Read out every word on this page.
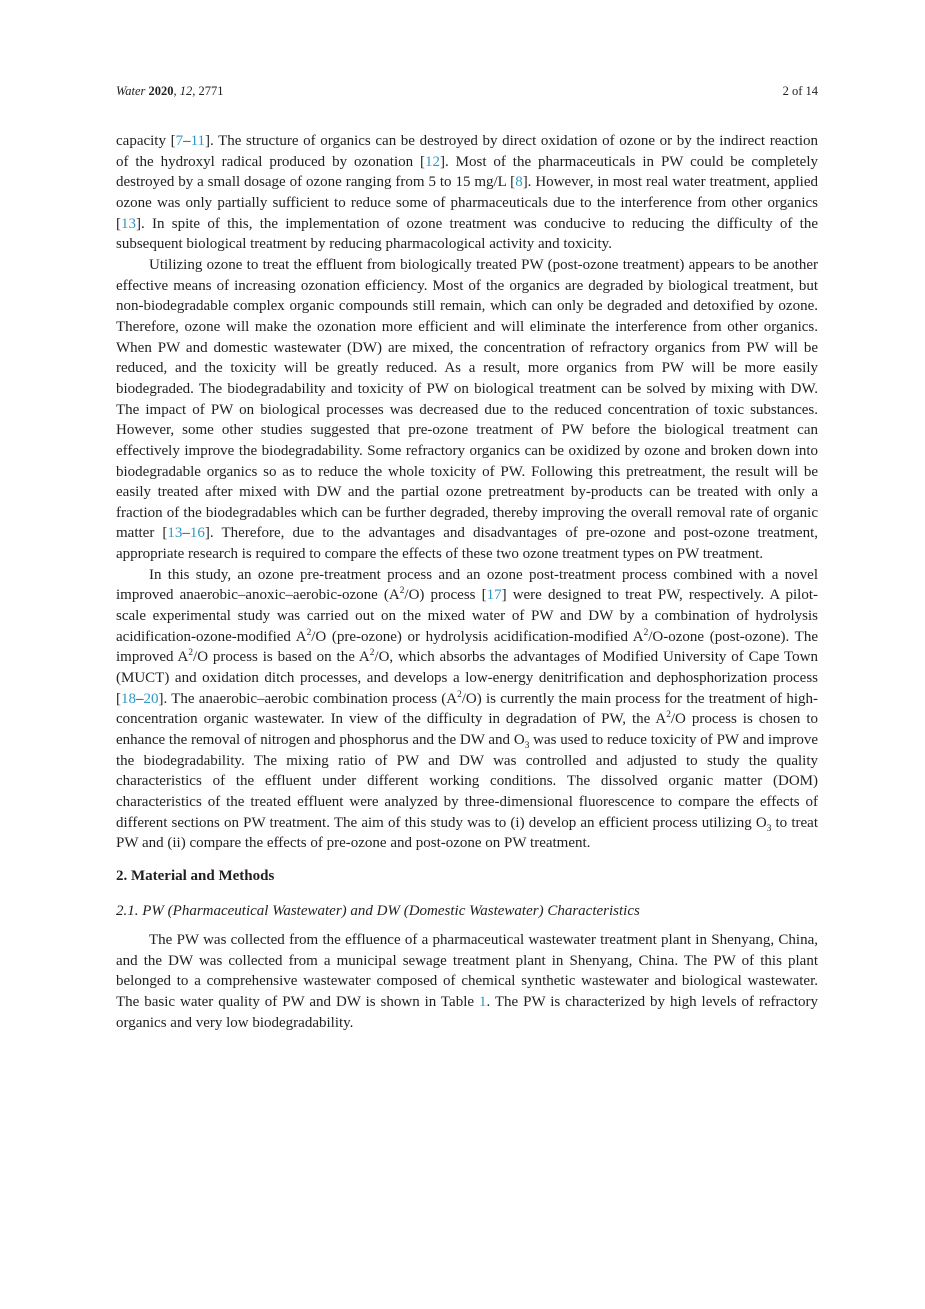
Water 2020, 12, 2771	2 of 14

capacity [7–11]. The structure of organics can be destroyed by direct oxidation of ozone or by the indirect reaction of the hydroxyl radical produced by ozonation [12]. Most of the pharmaceuticals in PW could be completely destroyed by a small dosage of ozone ranging from 5 to 15 mg/L [8]. However, in most real water treatment, applied ozone was only partially sufficient to reduce some of pharmaceuticals due to the interference from other organics [13]. In spite of this, the implementation of ozone treatment was conducive to reducing the difficulty of the subsequent biological treatment by reducing pharmacological activity and toxicity.

Utilizing ozone to treat the effluent from biologically treated PW (post-ozone treatment) appears to be another effective means of increasing ozonation efficiency. Most of the organics are degraded by biological treatment, but non-biodegradable complex organic compounds still remain, which can only be degraded and detoxified by ozone. Therefore, ozone will make the ozonation more efficient and will eliminate the interference from other organics. When PW and domestic wastewater (DW) are mixed, the concentration of refractory organics from PW will be reduced, and the toxicity will be greatly reduced. As a result, more organics from PW will be more easily biodegraded. The biodegradability and toxicity of PW on biological treatment can be solved by mixing with DW. The impact of PW on biological processes was decreased due to the reduced concentration of toxic substances. However, some other studies suggested that pre-ozone treatment of PW before the biological treatment can effectively improve the biodegradability. Some refractory organics can be oxidized by ozone and broken down into biodegradable organics so as to reduce the whole toxicity of PW. Following this pretreatment, the result will be easily treated after mixed with DW and the partial ozone pretreatment by-products can be treated with only a fraction of the biodegradables which can be further degraded, thereby improving the overall removal rate of organic matter [13–16]. Therefore, due to the advantages and disadvantages of pre-ozone and post-ozone treatment, appropriate research is required to compare the effects of these two ozone treatment types on PW treatment.

In this study, an ozone pre-treatment process and an ozone post-treatment process combined with a novel improved anaerobic–anoxic–aerobic-ozone $(A^2/O)$ process [17] were designed to treat PW, respectively. A pilot-scale experimental study was carried out on the mixed water of PW and DW by a combination of hydrolysis acidification-ozone-modified $A^2/O$ (pre-ozone) or hydrolysis acidification-modified $A^2/O$-ozone (post-ozone). The improved $A^2/O$ process is based on the $A^2/O$, which absorbs the advantages of Modified University of Cape Town (MUCT) and oxidation ditch processes, and develops a low-energy denitrification and dephosphorization process [18–20]. The anaerobic–aerobic combination process $(A^2/O)$ is currently the main process for the treatment of high-concentration organic wastewater. In view of the difficulty in degradation of PW, the $A^2/O$ process is chosen to enhance the removal of nitrogen and phosphorus and the DW and $O_3$ was used to reduce toxicity of PW and improve the biodegradability. The mixing ratio of PW and DW was controlled and adjusted to study the quality characteristics of the effluent under different working conditions. The dissolved organic matter (DOM) characteristics of the treated effluent were analyzed by three-dimensional fluorescence to compare the effects of different sections on PW treatment. The aim of this study was to (i) develop an efficient process utilizing $O_3$ to treat PW and (ii) compare the effects of pre-ozone and post-ozone on PW treatment.

2. Material and Methods
2.1. PW (Pharmaceutical Wastewater) and DW (Domestic Wastewater) Characteristics

The PW was collected from the effluence of a pharmaceutical wastewater treatment plant in Shenyang, China, and the DW was collected from a municipal sewage treatment plant in Shenyang, China. The PW of this plant belonged to a comprehensive wastewater composed of chemical synthetic wastewater and biological wastewater. The basic water quality of PW and DW is shown in Table 1. The PW is characterized by high levels of refractory organics and very low biodegradability.
